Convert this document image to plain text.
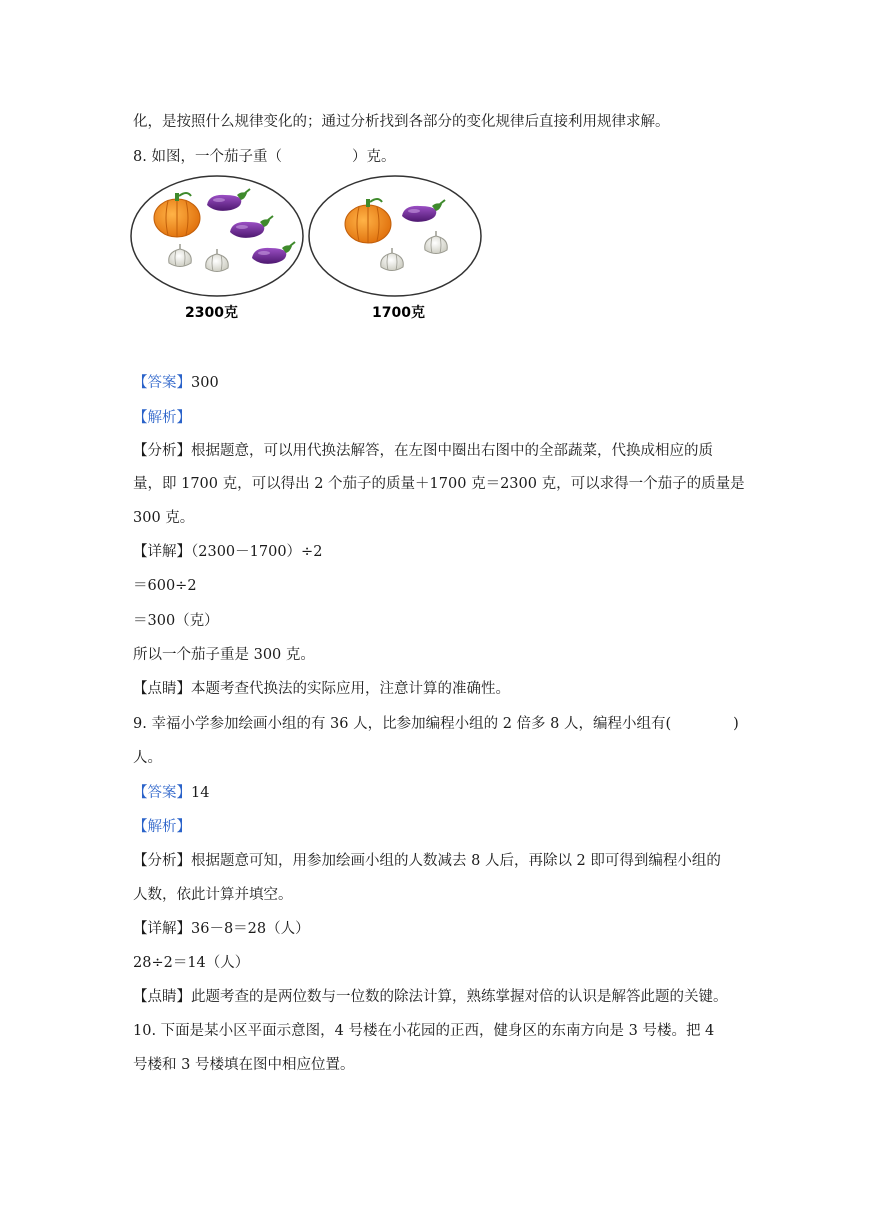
化，是按照什么规律变化的；通过分析找到各部分的变化规律后直接利用规律求解。
8. 如图，一个茄子重（	）克。
2300克	1700克
【答案】300
【解析】
【分析】根据题意，可以用代换法解答，在左图中圈出右图中的全部蔬菜，代换成相应的质
量，即 1700 克，可以得出 2 个茄子的质量＋1700 克＝2300 克，可以求得一个茄子的质量是
300 克。
【详解】（2300－1700）÷2
＝600÷2
＝300（克）
所以一个茄子重是 300 克。
【点睛】本题考查代换法的实际应用，注意计算的准确性。
9. 幸福小学参加绘画小组的有 36 人，比参加编程小组的 2 倍多 8 人，编程小组有(	)
人。
【答案】14
【解析】
【分析】根据题意可知，用参加绘画小组的人数减去 8 人后，再除以 2 即可得到编程小组的
人数，依此计算并填空。
【详解】36－8＝28（人）
28÷2＝14（人）
【点睛】此题考查的是两位数与一位数的除法计算，熟练掌握对倍的认识是解答此题的关键。
10. 下面是某小区平面示意图，4 号楼在小花园的正西，健身区的东南方向是 3 号楼。把 4
号楼和 3 号楼填在图中相应位置。
